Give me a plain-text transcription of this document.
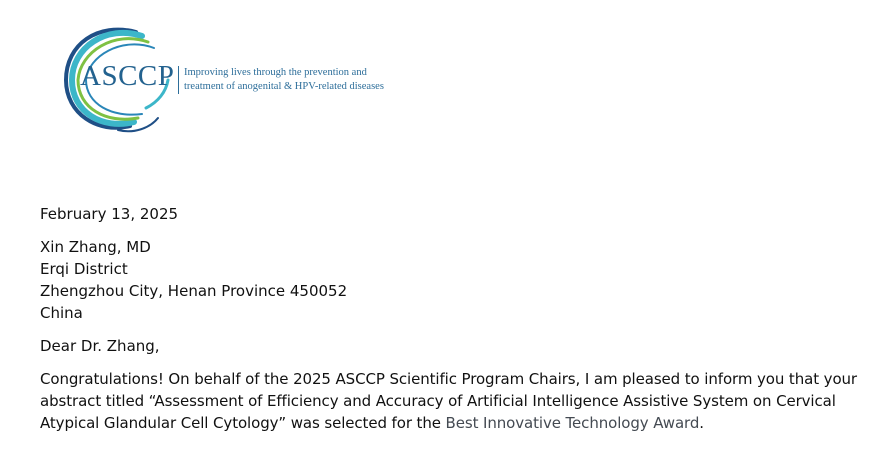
ASCCP Improving lives through the prevention and
treatment of anogenital & HPV-related diseases

February 13, 2025

Xin Zhang, MD
Erqi District
Zhengzhou City, Henan Province 450052
China

Dear Dr. Zhang,

Congratulations! On behalf of the 2025 ASCCP Scientific Program Chairs, I am pleased to inform you that your abstract titled “Assessment of Efficiency and Accuracy of Artificial Intelligence Assistive System on Cervical Atypical Glandular Cell Cytology” was selected for the Best Innovative Technology Award.
